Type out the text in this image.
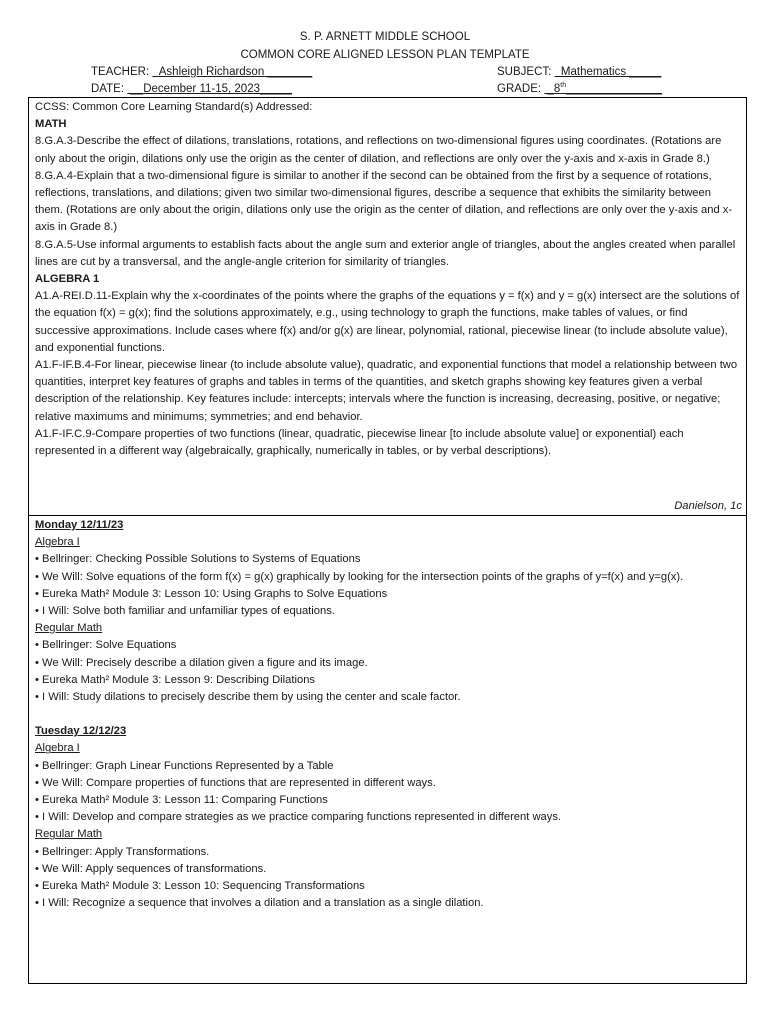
S. P. ARNETT MIDDLE SCHOOL
COMMON CORE ALIGNED LESSON PLAN TEMPLATE
TEACHER: Ashleigh Richardson _______	SUBJECT: Mathematics _____
DATE:  __December 11-15, 2023_____	GRADE:  _8th_______________

CCSS: Common Core Learning Standard(s) Addressed:

MATH

8.G.A.3-Describe the effect of dilations, translations, rotations, and reflections on two-dimensional figures using coordinates. (Rotations are only about the origin, dilations only use the origin as the center of dilation, and reflections are only over the y-axis and x-axis in Grade 8.)

8.G.A.4-Explain that a two-dimensional figure is similar to another if the second can be obtained from the first by a sequence of rotations, reflections, translations, and dilations; given two similar two-dimensional figures, describe a sequence that exhibits the similarity between them. (Rotations are only about the origin, dilations only use the origin as the center of dilation, and reflections are only over the y-axis and x-axis in Grade 8.)

8.G.A.5-Use informal arguments to establish facts about the angle sum and exterior angle of triangles, about the angles created when parallel lines are cut by a transversal, and the angle-angle criterion for similarity of triangles.

ALGEBRA 1

A1.A-REI.D.11-Explain why the x-coordinates of the points where the graphs of the equations y = f(x) and y = g(x) intersect are the solutions of the equation f(x) = g(x); find the solutions approximately, e.g., using technology to graph the functions, make tables of values, or find successive approximations. Include cases where f(x) and/or g(x) are linear, polynomial, rational, piecewise linear (to include absolute value), and exponential functions.

A1.F-IF.B.4-For linear, piecewise linear (to include absolute value), quadratic, and exponential functions that model a relationship between two quantities, interpret key features of graphs and tables in terms of the quantities, and sketch graphs showing key features given a verbal description of the relationship. Key features include: intercepts; intervals where the function is increasing, decreasing, positive, or negative; relative maximums and minimums; symmetries; and end behavior.

A1.F-IF.C.9-Compare properties of two functions (linear, quadratic, piecewise linear [to include absolute value] or exponential) each represented in a different way (algebraically, graphically, numerically in tables, or by verbal descriptions).

Danielson, 1c

Monday 12/11/23

Algebra I

• Bellringer: Checking Possible Solutions to Systems of Equations

• We Will: Solve equations of the form f(x) = g(x) graphically by looking for the intersection points of the graphs of y=f(x) and y=g(x).

• Eureka Math² Module 3: Lesson 10: Using Graphs to Solve Equations

• I Will: Solve both familiar and unfamiliar types of equations.

Regular Math

• Bellringer: Solve Equations

• We Will: Precisely describe a dilation given a figure and its image.

• Eureka Math² Module 3: Lesson 9: Describing Dilations

• I Will: Study dilations to precisely describe them by using the center and scale factor.

Tuesday 12/12/23

Algebra I

• Bellringer: Graph Linear Functions Represented by a Table

• We Will: Compare properties of functions that are represented in different ways.

• Eureka Math² Module 3: Lesson 11: Comparing Functions

• I Will: Develop and compare strategies as we practice comparing functions represented in different ways.

Regular Math

• Bellringer: Apply Transformations.

• We Will: Apply sequences of transformations.

• Eureka Math² Module 3: Lesson 10: Sequencing Transformations

• I Will: Recognize a sequence that involves a dilation and a translation as a single dilation.
